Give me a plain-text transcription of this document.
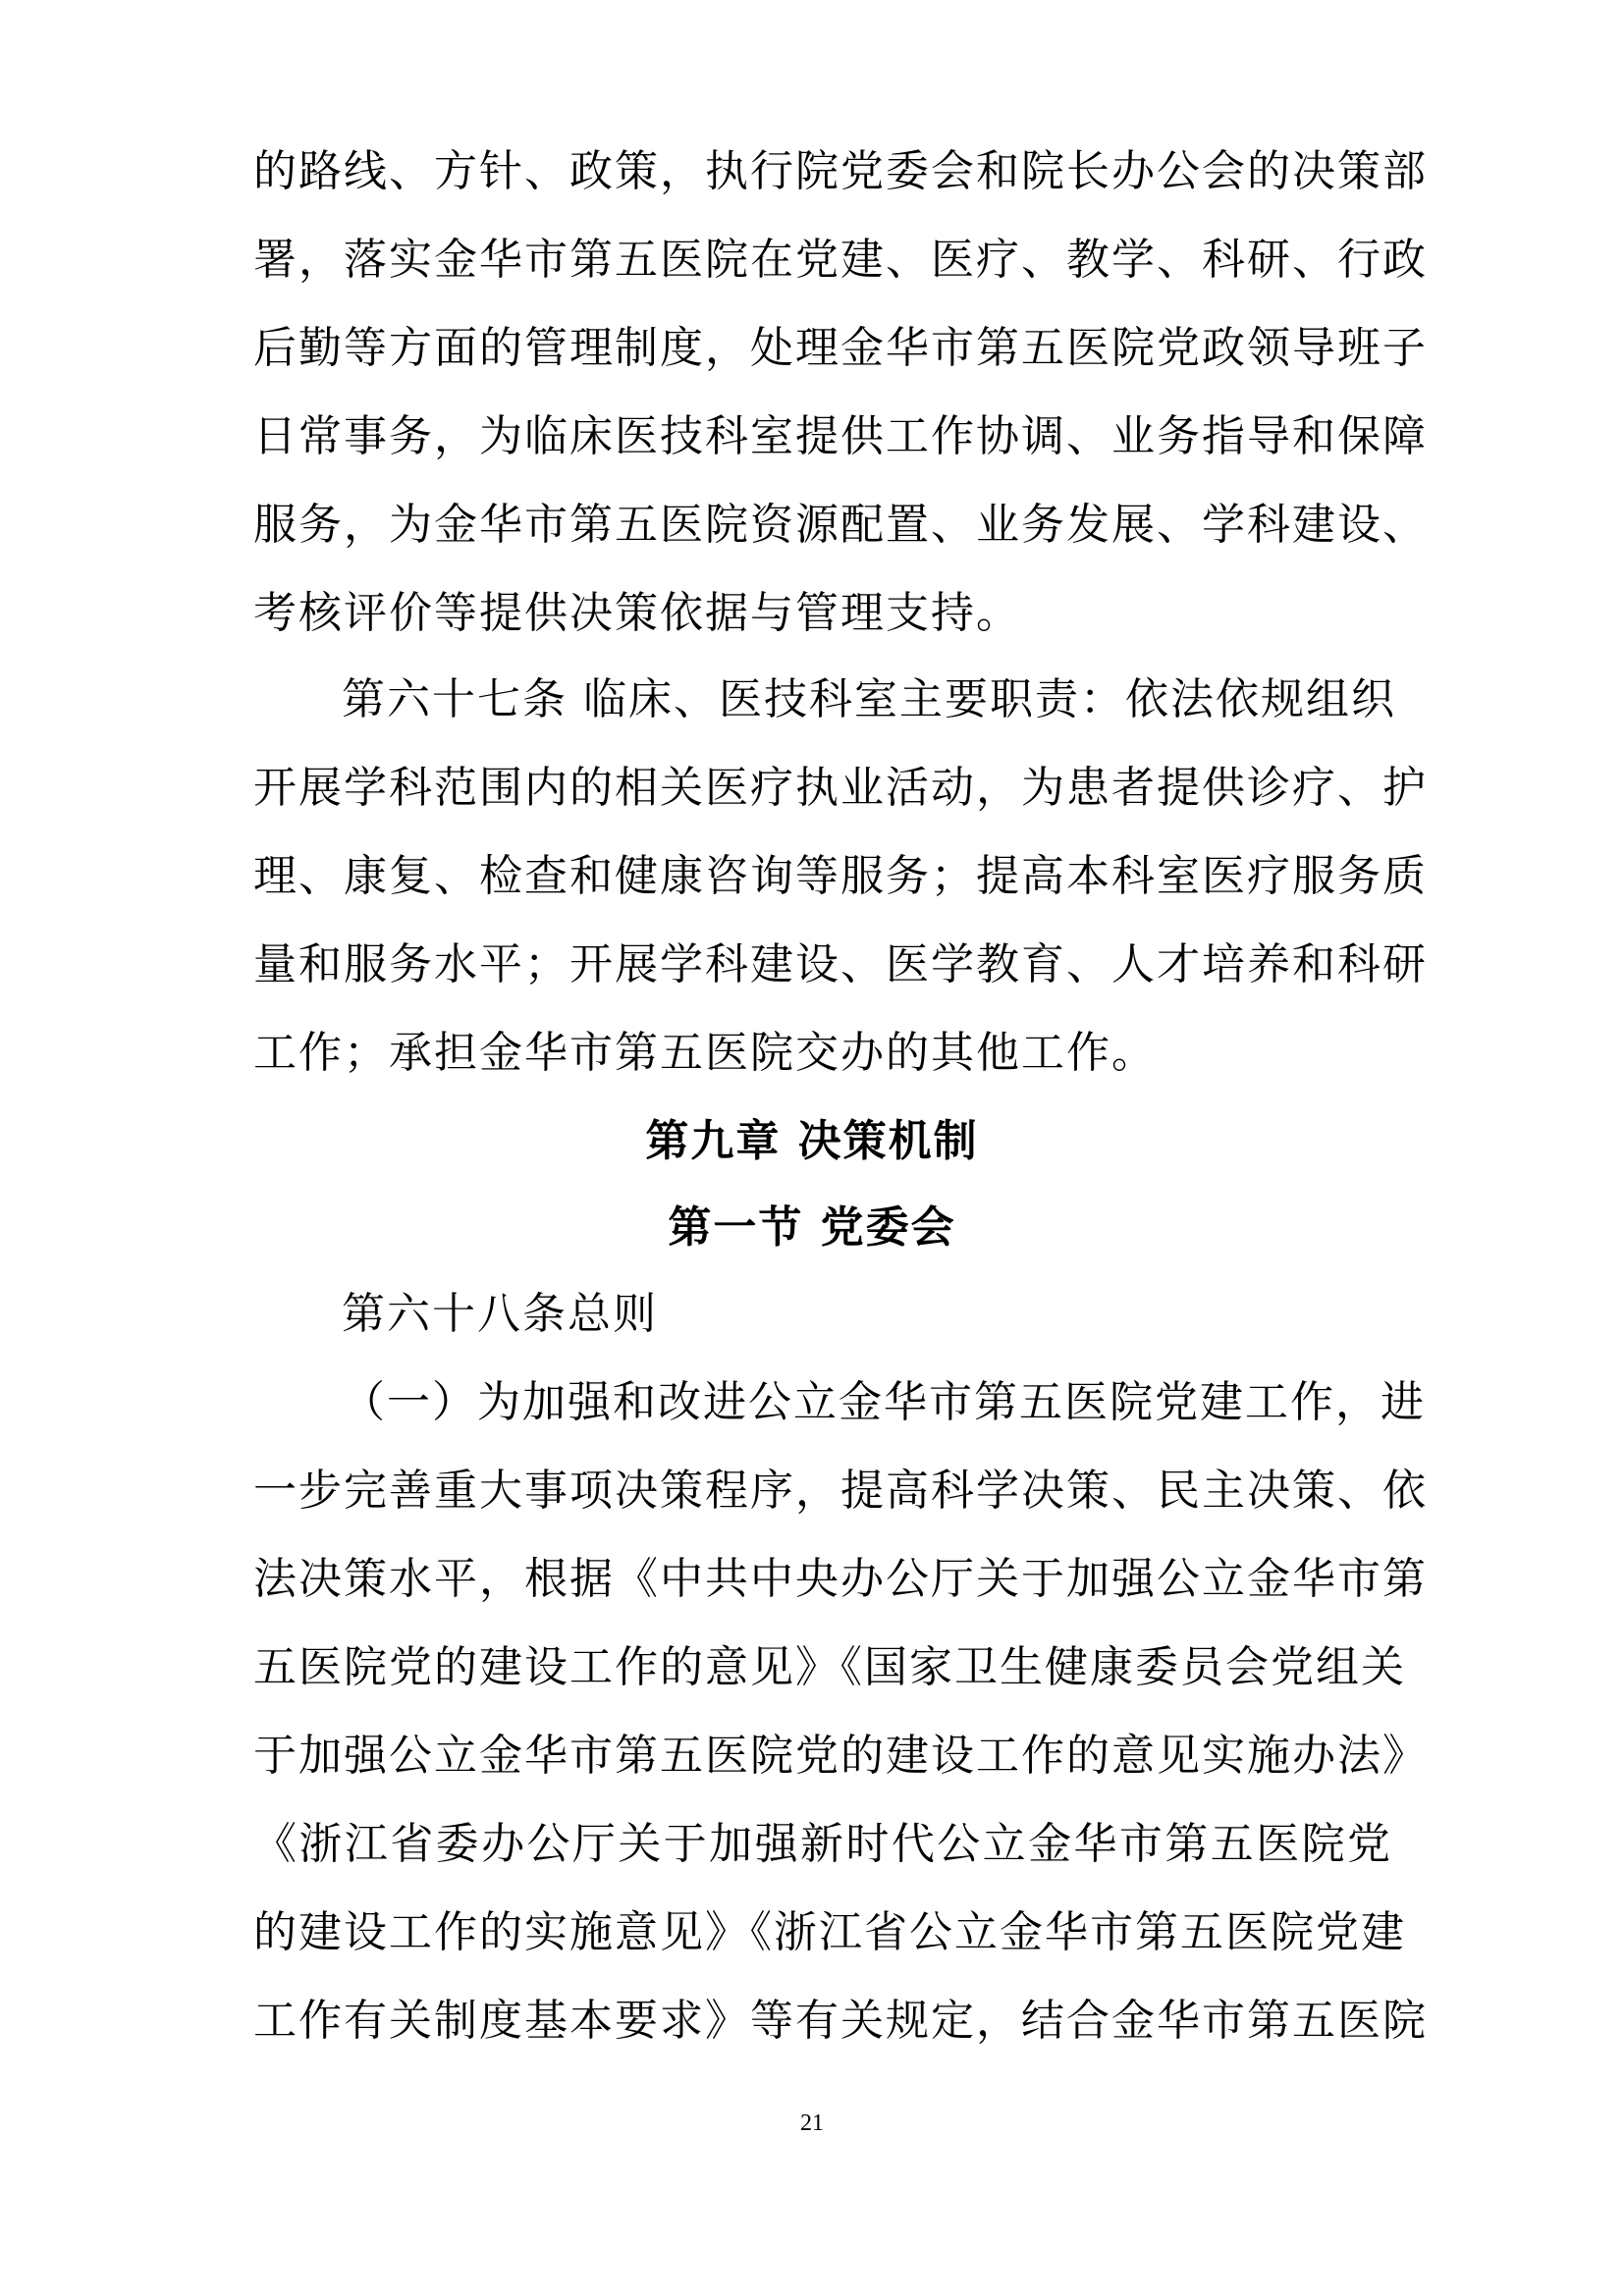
的路线、方针、政策，执行院党委会和院长办公会的决策部
署，落实金华市第五医院在党建、医疗、教学、科研、行政
后勤等方面的管理制度，处理金华市第五医院党政领导班子
日常事务，为临床医技科室提供工作协调、业务指导和保障
服务，为金华市第五医院资源配置、业务发展、学科建设、
考核评价等提供决策依据与管理支持。
第六十七条 临床、医技科室主要职责：依法依规组织
开展学科范围内的相关医疗执业活动，为患者提供诊疗、护
理、康复、检查和健康咨询等服务；提高本科室医疗服务质
量和服务水平；开展学科建设、医学教育、人才培养和科研
工作；承担金华市第五医院交办的其他工作。
第九章 决策机制
第一节 党委会
第六十八条总则
（一）为加强和改进公立金华市第五医院党建工作，进
一步完善重大事项决策程序，提高科学决策、民主决策、依
法决策水平，根据《中共中央办公厅关于加强公立金华市第
五医院党的建设工作的意见》《国家卫生健康委员会党组关
于加强公立金华市第五医院党的建设工作的意见实施办法》
《浙江省委办公厅关于加强新时代公立金华市第五医院党
的建设工作的实施意见》《浙江省公立金华市第五医院党建
工作有关制度基本要求》等有关规定，结合金华市第五医院
21
